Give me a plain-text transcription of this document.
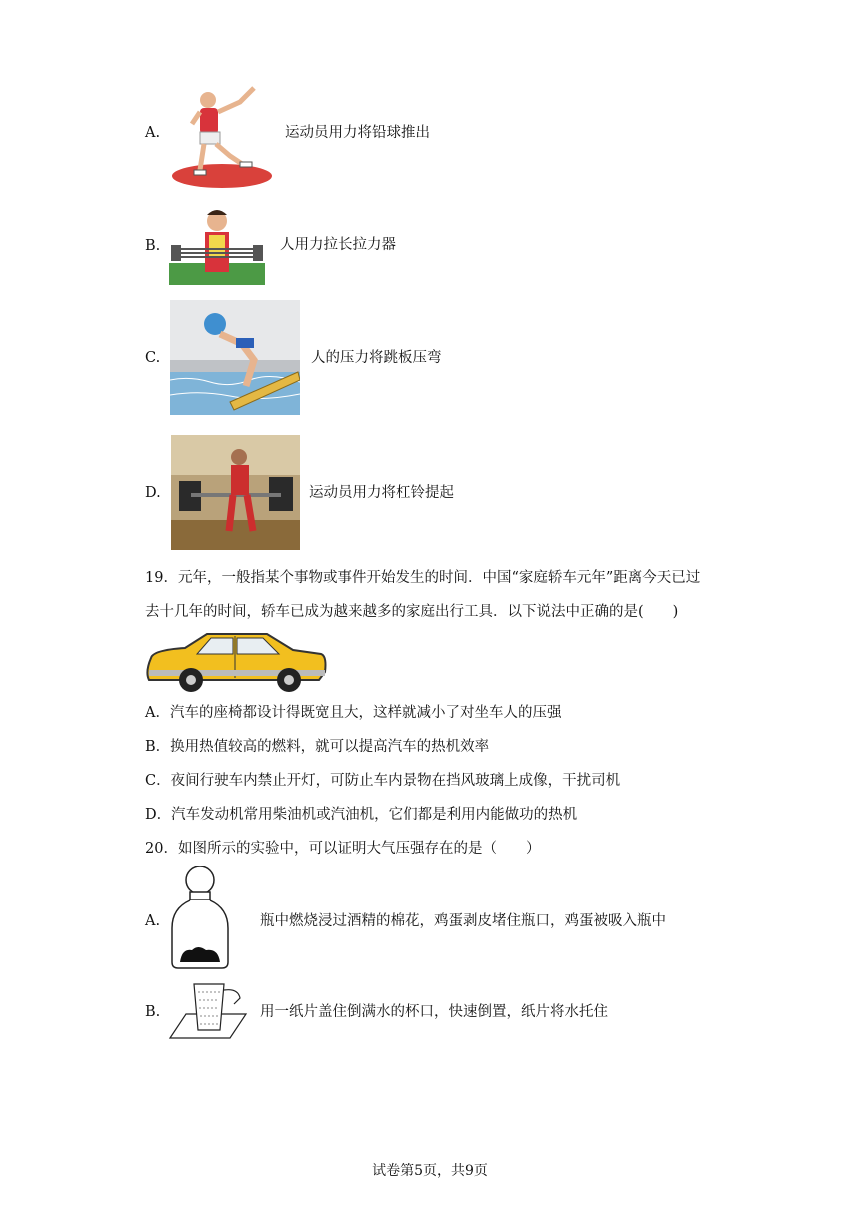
A.	运动员用力将铅球推出
B.	人用力拉长拉力器
C.	人的压力将跳板压弯
D.	运动员用力将杠铃提起
19．元年，一般指某个事物或事件开始发生的时间．中国“家庭轿车元年”距离今天已过
去十几年的时间，轿车已成为越来越多的家庭出行工具．以下说法中正确的是(　　)
A．汽车的座椅都设计得既宽且大，这样就减小了对坐车人的压强
B．换用热值较高的燃料，就可以提高汽车的热机效率
C．夜间行驶车内禁止开灯，可防止车内景物在挡风玻璃上成像，干扰司机
D．汽车发动机常用柴油机或汽油机，它们都是利用内能做功的热机
20．如图所示的实验中，可以证明大气压强存在的是（　　）
A.	瓶中燃烧浸过酒精的棉花，鸡蛋剥皮堵住瓶口，鸡蛋被吸入瓶中
B.	用一纸片盖住倒满水的杯口，快速倒置，纸片将水托住
试卷第5页，共9页
